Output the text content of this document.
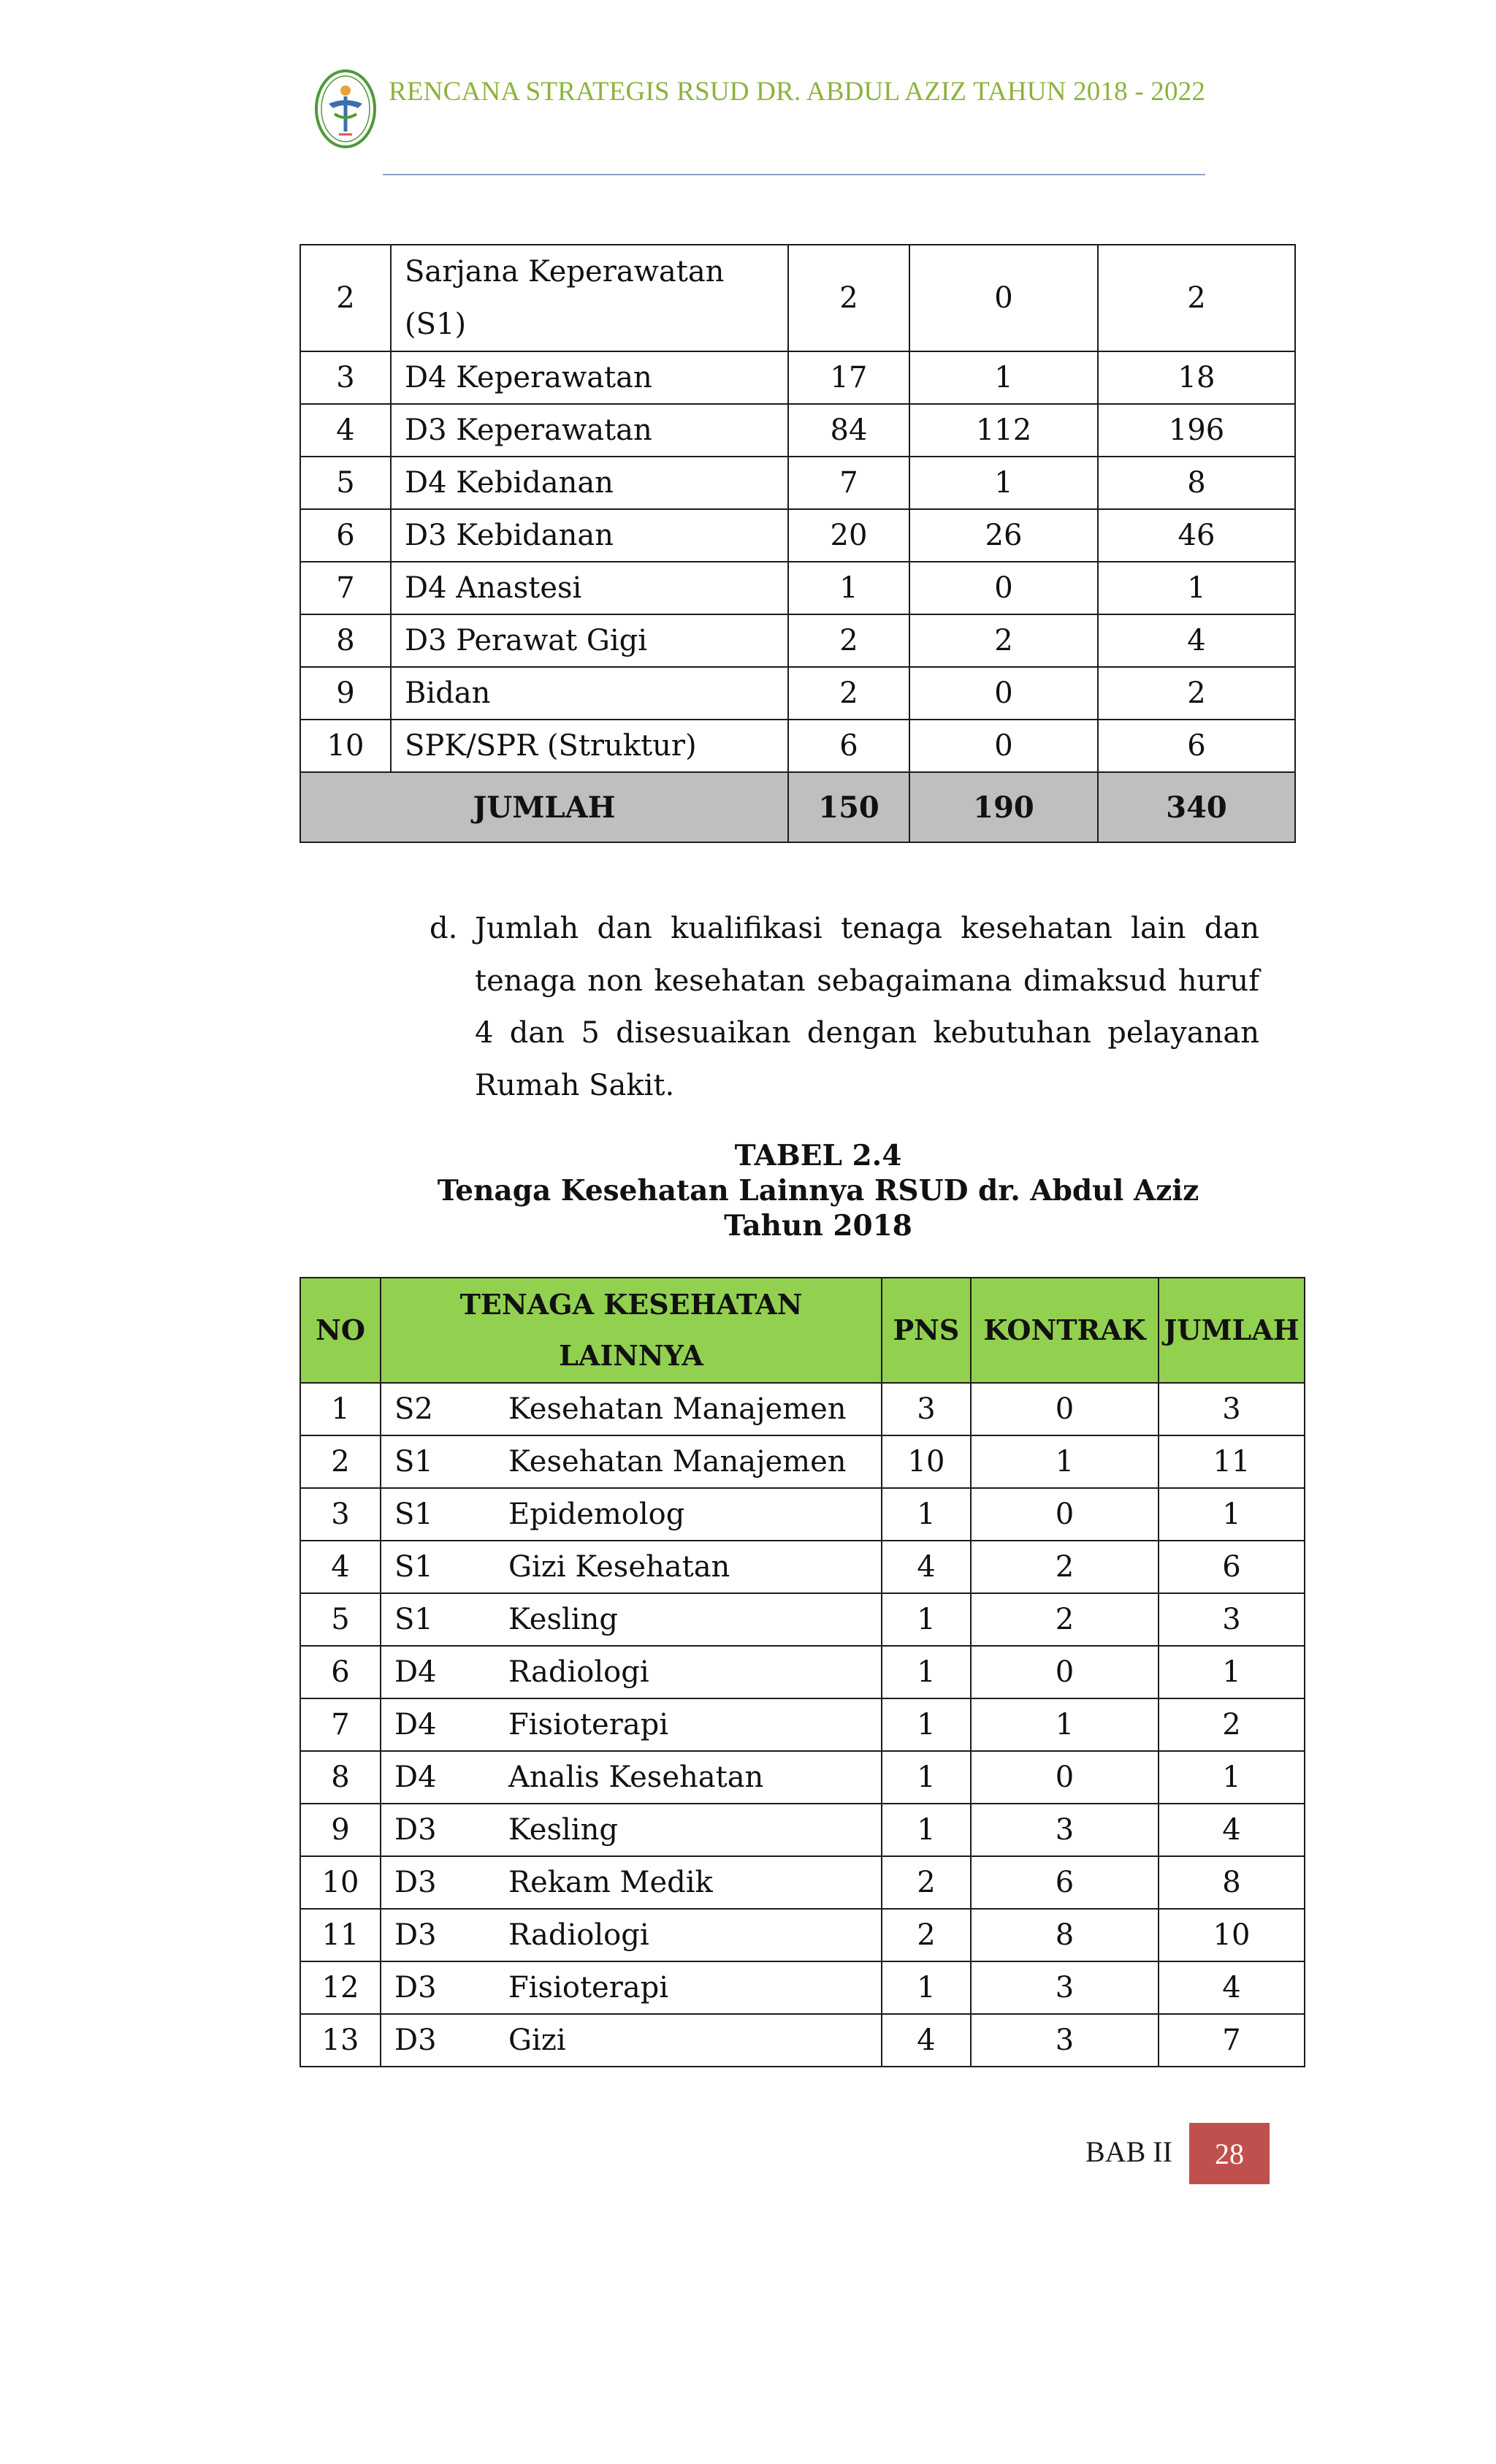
RENCANA STRATEGIS RSUD DR. ABDUL AZIZ TAHUN 2018 - 2022
2	Sarjana Keperawatan (S1)	2	0	2
3	D4 Keperawatan	17	1	18
4	D3 Keperawatan	84	112	196
5	D4 Kebidanan	7	1	8
6	D3 Kebidanan	20	26	46
7	D4 Anastesi	1	0	1
8	D3 Perawat Gigi	2	2	4
9	Bidan	2	0	2
10	SPK/SPR (Struktur)	6	0	6
JUMLAH		150	190	340
d. Jumlah dan kualifikasi tenaga kesehatan lain dan tenaga non kesehatan sebagaimana dimaksud huruf 4 dan 5 disesuaikan dengan kebutuhan pelayanan Rumah Sakit.
TABEL 2.4
Tenaga Kesehatan Lainnya RSUD dr. Abdul Aziz
Tahun 2018
NO	TENAGA KESEHATAN LAINNYA	PNS	KONTRAK	JUMLAH
1	S2 Kesehatan Manajemen	3	0	3
2	S1 Kesehatan Manajemen	10	1	11
3	S1 Epidemolog	1	0	1
4	S1 Gizi Kesehatan	4	2	6
5	S1 Kesling	1	2	3
6	D4 Radiologi	1	0	1
7	D4 Fisioterapi	1	1	2
8	D4 Analis Kesehatan	1	0	1
9	D3 Kesling	1	3	4
10	D3 Rekam Medik	2	6	8
11	D3 Radiologi	2	8	10
12	D3 Fisioterapi	1	3	4
13	D3 Gizi	4	3	7
BAB II	28
